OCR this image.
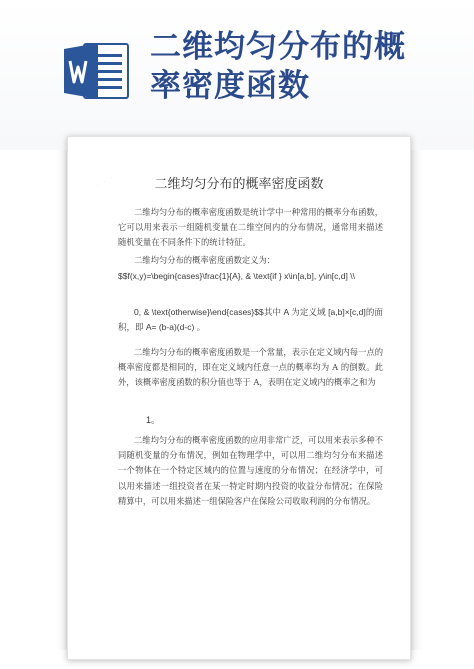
二维均匀分布的概
率密度函数
· · · · ·	二维均匀分布的概率密度函数
二维均匀分布的概率密度函数是统计学中一种常用的概率分布函数，它可以用来表示一组随机变量在二维空间内的分布情况，通常用来描述随机变量在不同条件下的统计特征。
二维均匀分布的概率密度函数定义为：
$$f(x,y)=\begin{cases}\frac{1}{A}, & \text{if } x\in[a,b], y\in[c,d] \\
0, & \text{otherwise}\end{cases}$$其中 A 为定义域 [a,b]×[c,d]的面积，即 A= (b-a)(d-c) 。
二维均匀分布的概率密度函数是一个常量，表示在定义域内每一点的概率密度都是相同的，即在定义域内任意一点的概率均为 A 的倒数。此外，该概率密度函数的积分值也等于 A，表明在定义域内的概率之和为
1。
二维均匀分布的概率密度函数的应用非常广泛，可以用来表示多种不同随机变量的分布情况，例如在物理学中，可以用二维均匀分布来描述一个物体在一个特定区域内的位置与速度的分布情况；在经济学中，可以用来描述一组投资者在某一特定时期内投资的收益分布情况；在保险精算中，可以用来描述一组保险客户在保险公司收取利润的分布情况。
